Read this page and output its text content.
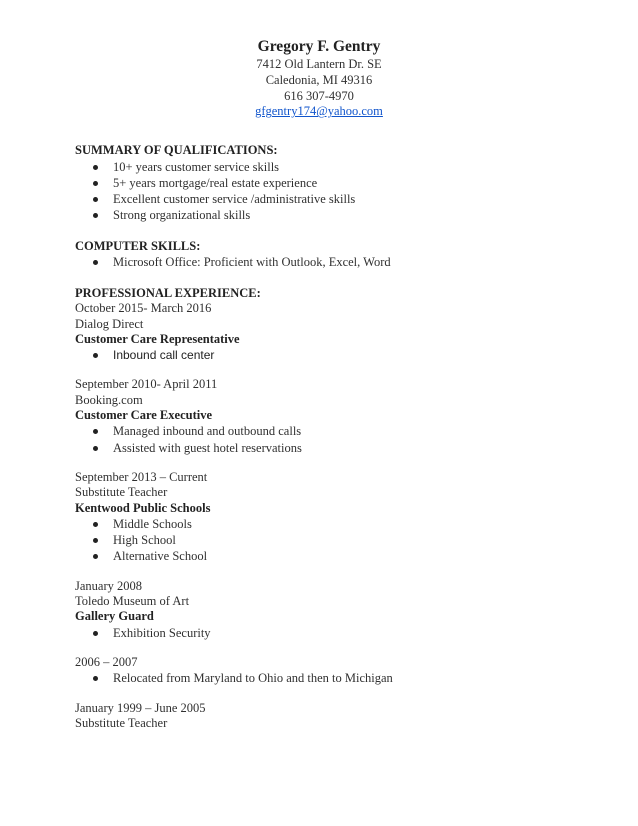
Gregory F. Gentry
7412 Old Lantern Dr. SE
Caledonia, MI 49316
616 307-4970
gfgentry174@yahoo.com
SUMMARY OF QUALIFICATIONS:
10+ years customer service skills
5+ years mortgage/real estate experience
Excellent customer service /administrative skills
Strong organizational skills
COMPUTER SKILLS:
Microsoft Office: Proficient with Outlook, Excel, Word
PROFESSIONAL EXPERIENCE:
October 2015- March 2016
Dialog Direct
Customer Care Representative
Inbound call center
September 2010- April 2011
Booking.com
Customer Care Executive
Managed inbound and outbound calls
Assisted with guest hotel reservations
September 2013 – Current
Substitute Teacher
Kentwood Public Schools
Middle Schools
High School
Alternative School
January 2008
Toledo Museum of Art
Gallery Guard
Exhibition Security
2006 – 2007
Relocated from Maryland to Ohio and then to Michigan
January 1999 – June 2005
Substitute Teacher
